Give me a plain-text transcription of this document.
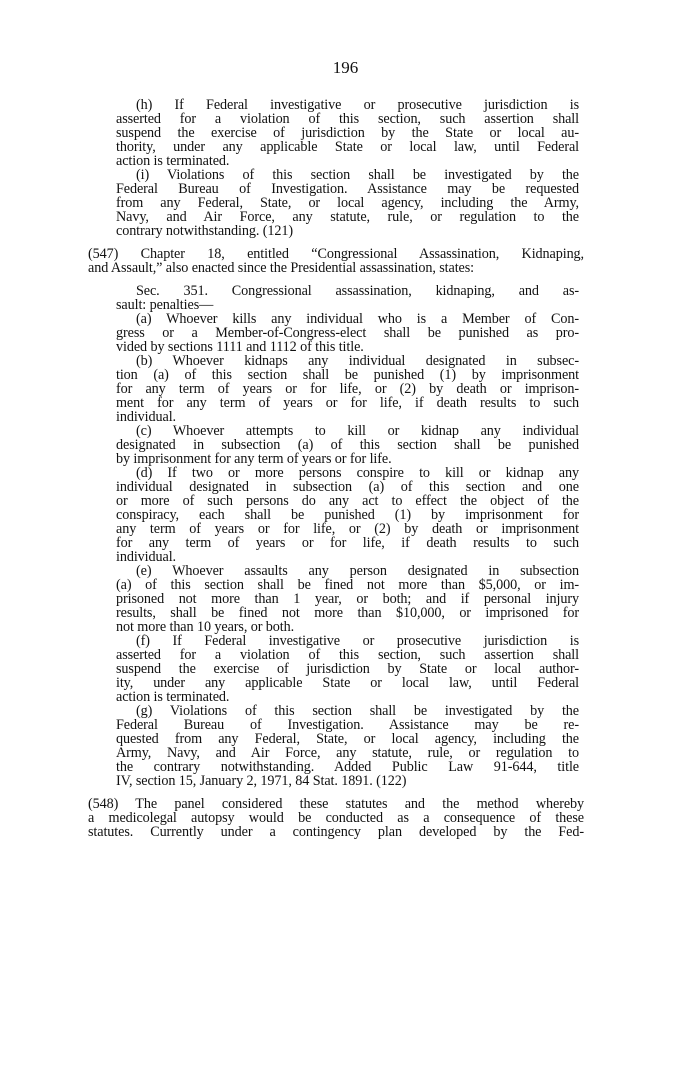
196
(h) If Federal investigative or prosecutive jurisdiction is
asserted for a violation of this section, such assertion shall
suspend the exercise of jurisdiction by the State or local au-
thority, under any applicable State or local law, until Federal
action is terminated.
(i) Violations of this section shall be investigated by the
Federal Bureau of Investigation. Assistance may be requested
from any Federal, State, or local agency, including the Army,
Navy, and Air Force, any statute, rule, or regulation to the
contrary notwithstanding. (121)
(547) Chapter 18, entitled “Congressional Assassination, Kidnaping,
and Assault,” also enacted since the Presidential assassination, states:
Sec. 351. Congressional assassination, kidnaping, and as-
sault: penalties—
(a) Whoever kills any individual who is a Member of Con-
gress or a Member-of-Congress-elect shall be punished as pro-
vided by sections 1111 and 1112 of this title.
(b) Whoever kidnaps any individual designated in subsec-
tion (a) of this section shall be punished (1) by imprisonment
for any term of years or for life, or (2) by death or imprison-
ment for any term of years or for life, if death results to such
individual.
(c) Whoever attempts to kill or kidnap any individual
designated in subsection (a) of this section shall be punished
by imprisonment for any term of years or for life.
(d) If two or more persons conspire to kill or kidnap any
individual designated in subsection (a) of this section and one
or more of such persons do any act to effect the object of the
conspiracy, each shall be punished (1) by imprisonment for
any term of years or for life, or (2) by death or imprisonment
for any term of years or for life, if death results to such
individual.
(e) Whoever assaults any person designated in subsection
(a) of this section shall be fined not more than $5,000, or im-
prisoned not more than 1 year, or both; and if personal injury
results, shall be fined not more than $10,000, or imprisoned for
not more than 10 years, or both.
(f) If Federal investigative or prosecutive jurisdiction is
asserted for a violation of this section, such assertion shall
suspend the exercise of jurisdiction by State or local author-
ity, under any applicable State or local law, until Federal
action is terminated.
(g) Violations of this section shall be investigated by the
Federal Bureau of Investigation. Assistance may be re-
quested from any Federal, State, or local agency, including the
Army, Navy, and Air Force, any statute, rule, or regulation to
the contrary notwithstanding. Added Public Law 91-644, title
IV, section 15, January 2, 1971, 84 Stat. 1891. (122)
(548) The panel considered these statutes and the method whereby
a medicolegal autopsy would be conducted as a consequence of these
statutes. Currently under a contingency plan developed by the Fed-
